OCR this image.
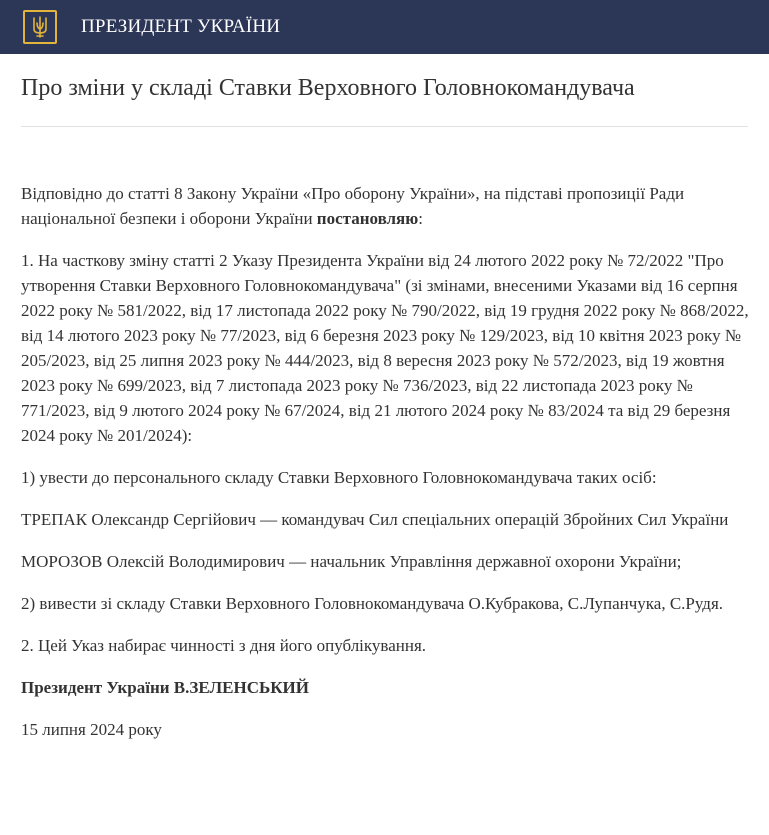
ПРЕЗИДЕНТ УКРАЇНИ
Про зміни у складі Ставки Верховного Головнокомандувача

Відповідно до статті 8 Закону України «Про оборону України», на підставі пропозиції Ради національної безпеки і оборони України постановляю:

1. На часткову зміну статті 2 Указу Президента України від 24 лютого 2022 року № 72/2022 "Про утворення Ставки Верховного Головнокомандувача" (зі змінами, внесеними Указами від 16 серпня 2022 року № 581/2022, від 17 листопада 2022 року № 790/2022, від 19 грудня 2022 року № 868/2022, від 14 лютого 2023 року № 77/2023, від 6 березня 2023 року № 129/2023, від 10 квітня 2023 року № 205/2023, від 25 липня 2023 року № 444/2023, від 8 вересня 2023 року № 572/2023, від 19 жовтня 2023 року № 699/2023, від 7 листопада 2023 року № 736/2023, від 22 листопада 2023 року № 771/2023, від 9 лютого 2024 року № 67/2024, від 21 лютого 2024 року № 83/2024 та від 29 березня 2024 року № 201/2024):

1) увести до персонального складу Ставки Верховного Головнокомандувача таких осіб:

ТРЕПАК Олександр Сергійович — командувач Сил спеціальних операцій Збройних Сил України

МОРОЗОВ Олексій Володимирович — начальник Управління державної охорони України;

2) вивести зі складу Ставки Верховного Головнокомандувача О.Кубракова, С.Лупанчука, С.Рудя.

2. Цей Указ набирає чинності з дня його опублікування.

Президент України В.ЗЕЛЕНСЬКИЙ

15 липня 2024 року
